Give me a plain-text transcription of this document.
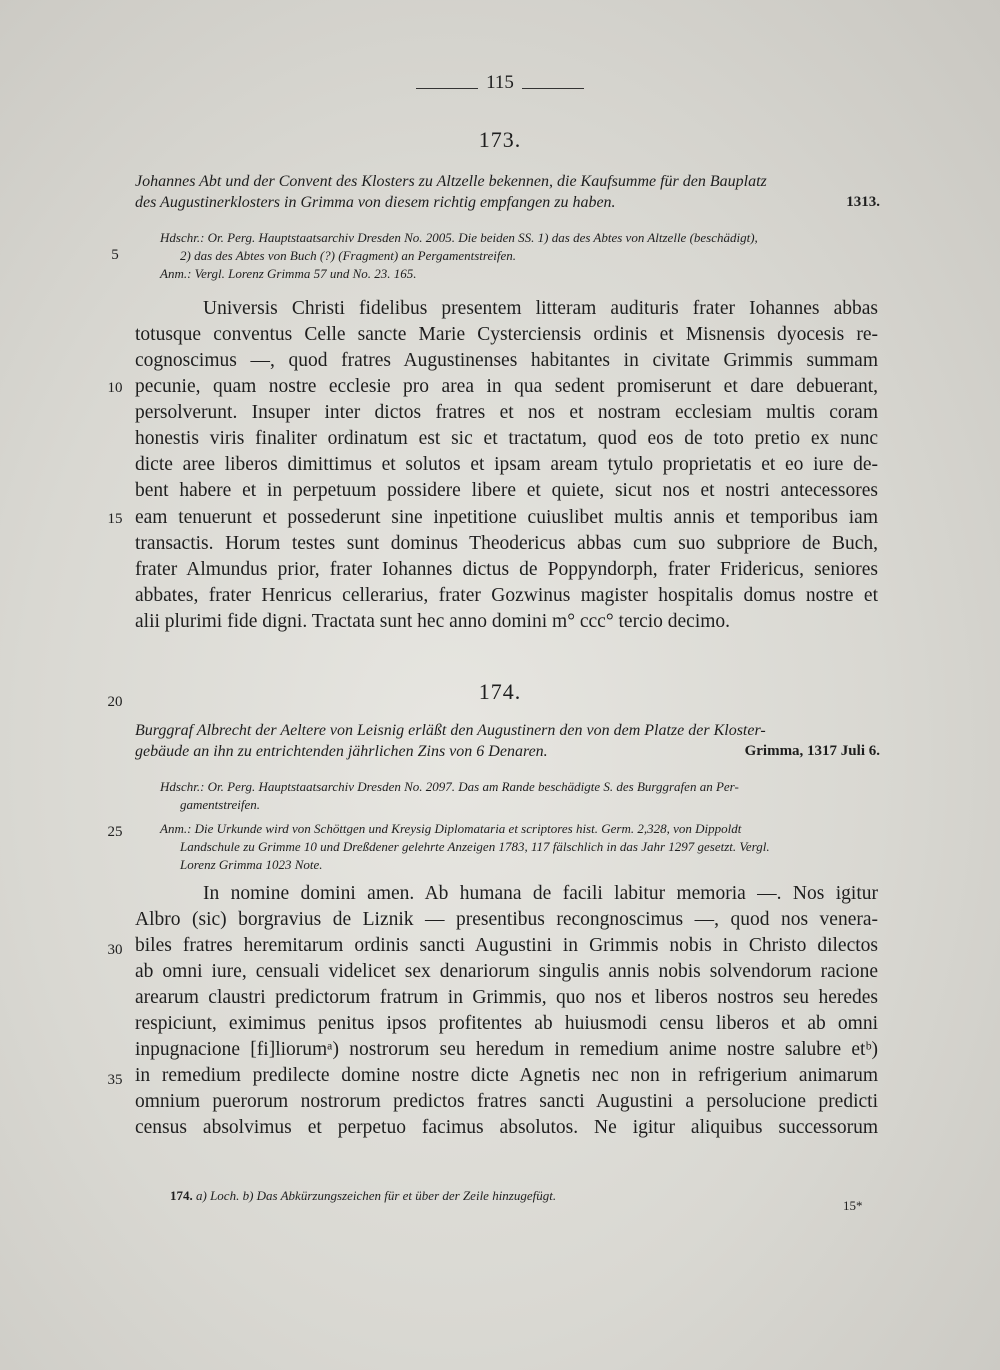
115
173.
Johannes Abt und der Convent des Klosters zu Altzelle bekennen, die Kaufsumme für den Bauplatz
des Augustinerklosters in Grimma von diesem richtig empfangen zu haben.	1313.
Hdschr.: Or. Perg. Hauptstaatsarchiv Dresden No. 2005. Die beiden SS. 1) das des Abtes von Altzelle (beschädigt),
2) das des Abtes von Buch (?) (Fragment) an Pergamentstreifen.
Anm.: Vergl. Lorenz Grimma 57 und No. 23. 165.
Universis Christi fidelibus presentem litteram audituris frater Iohannes abbas
totusque conventus Celle sancte Marie Cysterciensis ordinis et Misnensis dyocesis re-
cognoscimus —, quod fratres Augustinenses habitantes in civitate Grimmis summam
pecunie, quam nostre ecclesie pro area in qua sedent promiserunt et dare debuerant,
persolverunt. Insuper inter dictos fratres et nos et nostram ecclesiam multis coram
honestis viris finaliter ordinatum est sic et tractatum, quod eos de toto pretio ex nunc
dicte aree liberos dimittimus et solutos et ipsam aream tytulo proprietatis et eo iure de-
bent habere et in perpetuum possidere libere et quiete, sicut nos et nostri antecessores
eam tenuerunt et possederunt sine inpetitione cuiuslibet multis annis et temporibus iam
transactis. Horum testes sunt dominus Theodericus abbas cum suo subpriore de Buch,
frater Almundus prior, frater Iohannes dictus de Poppyndorph, frater Fridericus, seniores
abbates, frater Henricus cellerarius, frater Gozwinus magister hospitalis domus nostre et
alii plurimi fide digni. Tractata sunt hec anno domini m° ccc° tercio decimo.
174.
Burggraf Albrecht der Aeltere von Leisnig erläßt den Augustinern den von dem Platze der Kloster-
gebäude an ihn zu entrichtenden jährlichen Zins von 6 Denaren.	Grimma, 1317 Juli 6.
Hdschr.: Or. Perg. Hauptstaatsarchiv Dresden No. 2097. Das am Rande beschädigte S. des Burggrafen an Per-
gamentstreifen.
Anm.: Die Urkunde wird von Schöttgen und Kreysig Diplomataria et scriptores hist. Germ. 2,328, von Dippoldt
Landschule zu Grimme 10 und Dreßdener gelehrte Anzeigen 1783, 117 fälschlich in das Jahr 1297 gesetzt. Vergl.
Lorenz Grimma 1023 Note.
In nomine domini amen. Ab humana de facili labitur memoria —. Nos igitur
Albro (sic) borgravius de Liznik — presentibus recongnoscimus —, quod nos venera-
biles fratres heremitarum ordinis sancti Augustini in Grimmis nobis in Christo dilectos
ab omni iure, censuali videlicet sex denariorum singulis annis nobis solvendorum racione
arearum claustri predictorum fratrum in Grimmis, quo nos et liberos nostros seu heredes
respiciunt, eximimus penitus ipsos profitentes ab huiusmodi censu liberos et ab omni
inpugnacione [fi]liorumᵃ) nostrorum seu heredum in remedium anime nostre salubre etᵇ)
in remedium predilecte domine nostre dicte Agnetis nec non in refrigerium animarum
omnium puerorum nostrorum predictos fratres sancti Augustini a persolucione predicti
census absolvimus et perpetuo facimus absolutos. Ne igitur aliquibus successorum
5
10
15
20
25
30
35
174. a) Loch. b) Das Abkürzungszeichen für et über der Zeile hinzugefügt.
15*
